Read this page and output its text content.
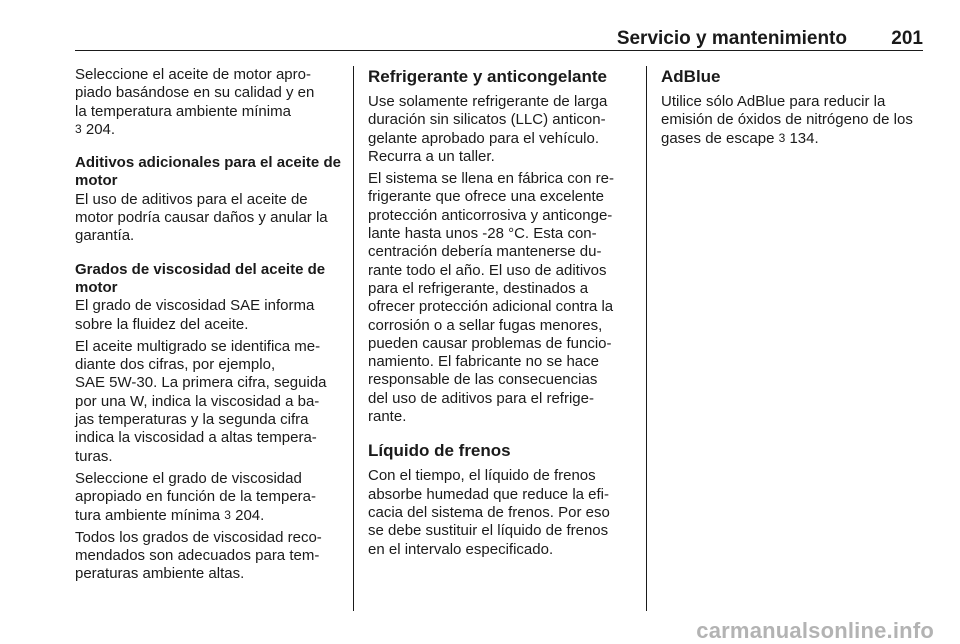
Servicio y mantenimiento 201

Seleccione el aceite de motor apro-

piado basándose en su calidad y en

la temperatura ambiente mínima

3 204.

Aditivos adicionales para el aceite de

motor

El uso de aditivos para el aceite de

motor podría causar daños y anular la

garantía.

Grados de viscosidad del aceite de

motor

El grado de viscosidad SAE informa

sobre la fluidez del aceite.

El aceite multigrado se identifica me-

diante dos cifras, por ejemplo,

SAE 5W-30. La primera cifra, seguida

por una W, indica la viscosidad a ba-

jas temperaturas y la segunda cifra

indica la viscosidad a altas tempera-

turas.

Seleccione el grado de viscosidad

apropiado en función de la tempera-

tura ambiente mínima 3 204.

Todos los grados de viscosidad reco-

mendados son adecuados para tem-

peraturas ambiente altas.

Refrigerante y anticongelante

Use solamente refrigerante de larga

duración sin silicatos (LLC) anticon-

gelante aprobado para el vehículo.

Recurra a un taller.

El sistema se llena en fábrica con re-

frigerante que ofrece una excelente

protección anticorrosiva y anticonge-

lante hasta unos -28 °C. Esta con-

centración debería mantenerse du-

rante todo el año. El uso de aditivos

para el refrigerante, destinados a

ofrecer protección adicional contra la

corrosión o a sellar fugas menores,

pueden causar problemas de funcio-

namiento. El fabricante no se hace

responsable de las consecuencias

del uso de aditivos para el refrige-

rante.

Líquido de frenos

Con el tiempo, el líquido de frenos

absorbe humedad que reduce la efi-

cacia del sistema de frenos. Por eso

se debe sustituir el líquido de frenos

en el intervalo especificado.

AdBlue

Utilice sólo AdBlue para reducir la

emisión de óxidos de nitrógeno de los

gases de escape 3 134.

carmanualsonline.info
